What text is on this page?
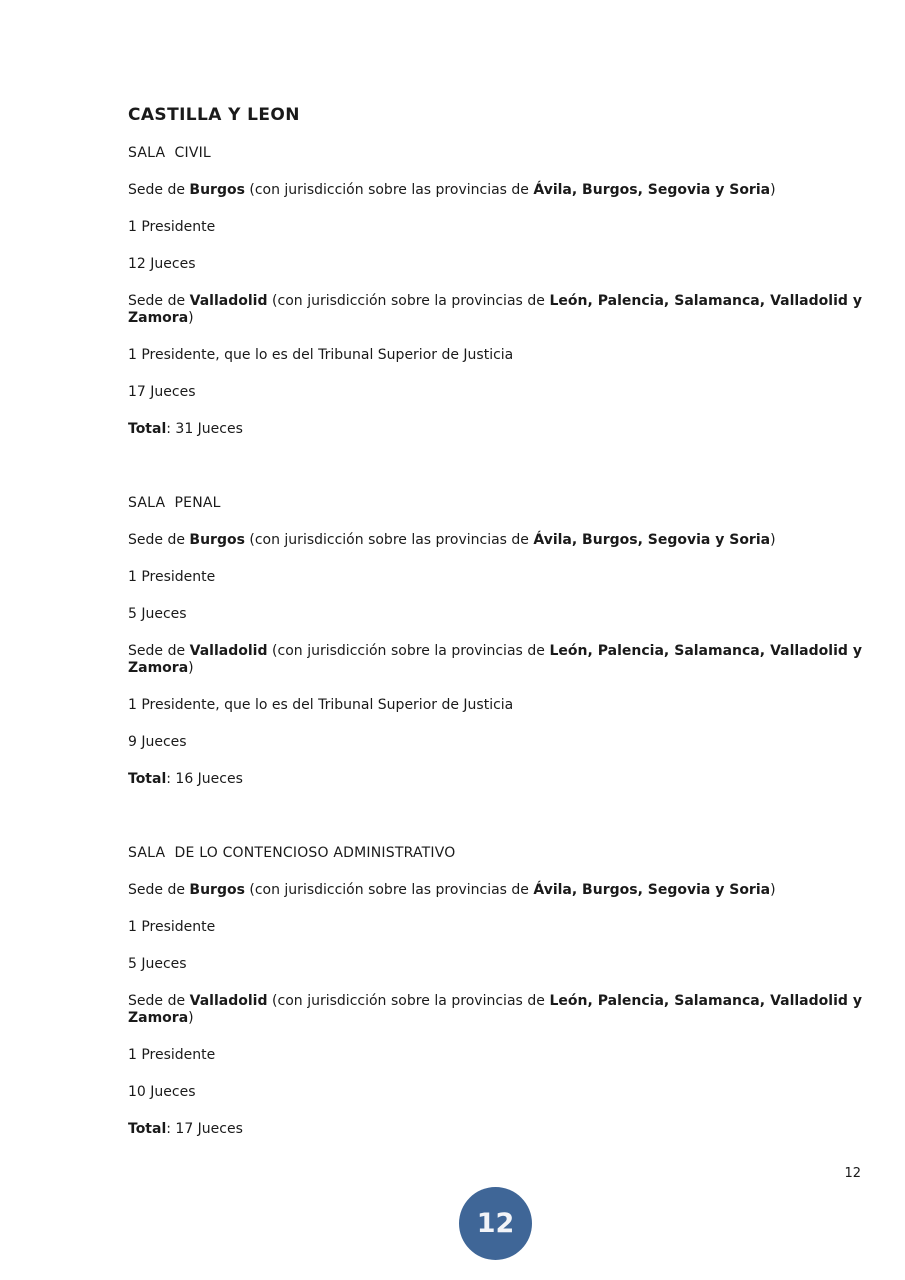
CASTILLA Y LEON

SALA  CIVIL

Sede de Burgos (con jurisdicción sobre las provincias de Ávila, Burgos, Segovia y Soria)

1 Presidente

12 Jueces

Sede de Valladolid (con jurisdicción sobre la provincias de León, Palencia, Salamanca, Valladolid y
Zamora)

1 Presidente, que lo es del Tribunal Superior de Justicia

17 Jueces

Total: 31 Jueces

SALA  PENAL

Sede de Burgos (con jurisdicción sobre las provincias de Ávila, Burgos, Segovia y Soria)

1 Presidente

5 Jueces

Sede de Valladolid (con jurisdicción sobre la provincias de León, Palencia, Salamanca, Valladolid y
Zamora)

1 Presidente, que lo es del Tribunal Superior de Justicia

9 Jueces

Total: 16 Jueces

SALA  DE LO CONTENCIOSO ADMINISTRATIVO

Sede de Burgos (con jurisdicción sobre las provincias de Ávila, Burgos, Segovia y Soria)

1 Presidente

5 Jueces

Sede de Valladolid (con jurisdicción sobre la provincias de León, Palencia, Salamanca, Valladolid y
Zamora)

1 Presidente

10 Jueces

Total: 17 Jueces

12
12
